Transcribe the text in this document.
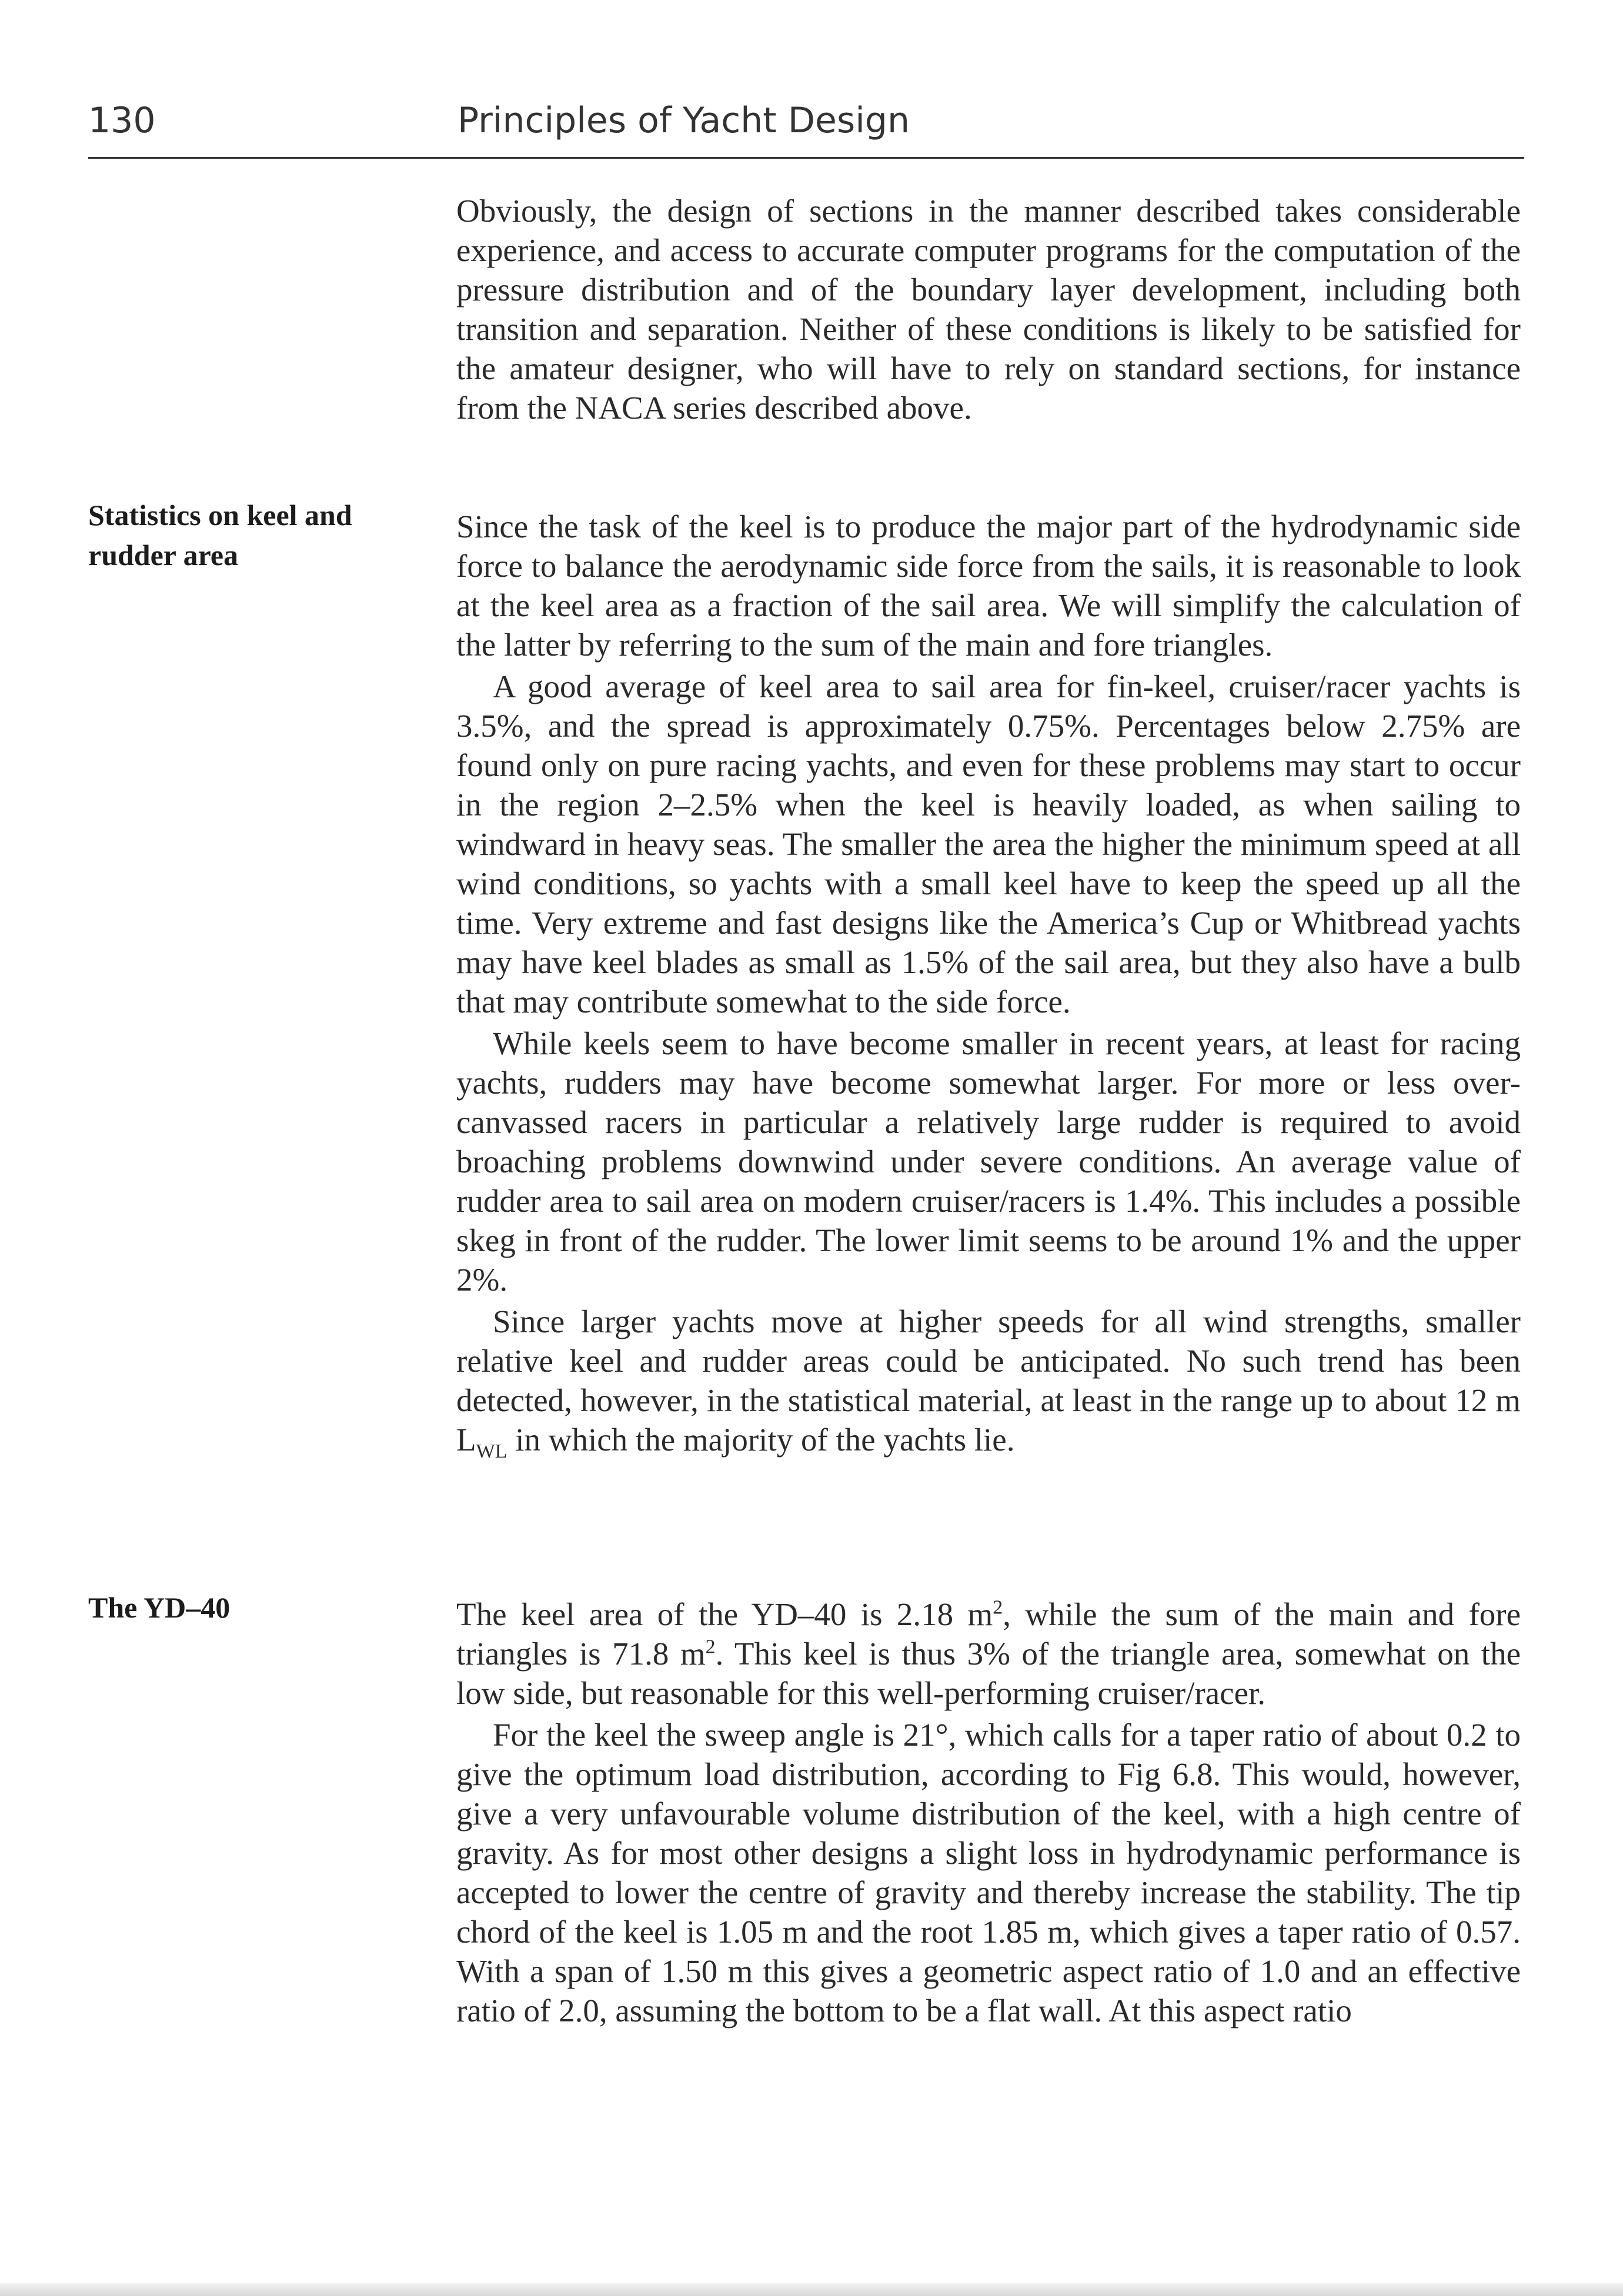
130	Principles of Yacht Design

Obviously, the design of sections in the manner described takes considerable experience, and access to accurate computer programs for the computation of the pressure distribution and of the boundary layer development, including both transition and separation. Neither of these conditions is likely to be satisfied for the amateur designer, who will have to rely on standard sections, for instance from the NACA series described above.

Statistics on keel and rudder area

Since the task of the keel is to produce the major part of the hydrodynamic side force to balance the aerodynamic side force from the sails, it is reasonable to look at the keel area as a fraction of the sail area. We will simplify the calculation of the latter by referring to the sum of the main and fore triangles.

A good average of keel area to sail area for fin-keel, cruiser/racer yachts is 3.5%, and the spread is approximately 0.75%. Percentages below 2.75% are found only on pure racing yachts, and even for these problems may start to occur in the region 2–2.5% when the keel is heavily loaded, as when sailing to windward in heavy seas. The smaller the area the higher the minimum speed at all wind conditions, so yachts with a small keel have to keep the speed up all the time. Very extreme and fast designs like the America’s Cup or Whitbread yachts may have keel blades as small as 1.5% of the sail area, but they also have a bulb that may contribute somewhat to the side force.

While keels seem to have become smaller in recent years, at least for racing yachts, rudders may have become somewhat larger. For more or less over-canvassed racers in particular a relatively large rudder is required to avoid broaching problems downwind under severe conditions. An average value of rudder area to sail area on modern cruiser/racers is 1.4%. This includes a possible skeg in front of the rudder. The lower limit seems to be around 1% and the upper 2%.

Since larger yachts move at higher speeds for all wind strengths, smaller relative keel and rudder areas could be anticipated. No such trend has been detected, however, in the statistical material, at least in the range up to about 12 m $L_{WL}$ in which the majority of the yachts lie.

The YD–40	The keel area of the YD–40 is 2.18 $m^2$, while the sum of the main and fore triangles is 71.8 $m^2$. This keel is thus 3% of the triangle area, somewhat on the low side, but reasonable for this well-performing cruiser/racer.

For the keel the sweep angle is 21°, which calls for a taper ratio of about 0.2 to give the optimum load distribution, according to Fig 6.8. This would, however, give a very unfavourable volume distribution of the keel, with a high centre of gravity. As for most other designs a slight loss in hydrodynamic performance is accepted to lower the centre of gravity and thereby increase the stability. The tip chord of the keel is 1.05 m and the root 1.85 m, which gives a taper ratio of 0.57. With a span of 1.50 m this gives a geometric aspect ratio of 1.0 and an effective ratio of 2.0, assuming the bottom to be a flat wall. At this aspect ratio
